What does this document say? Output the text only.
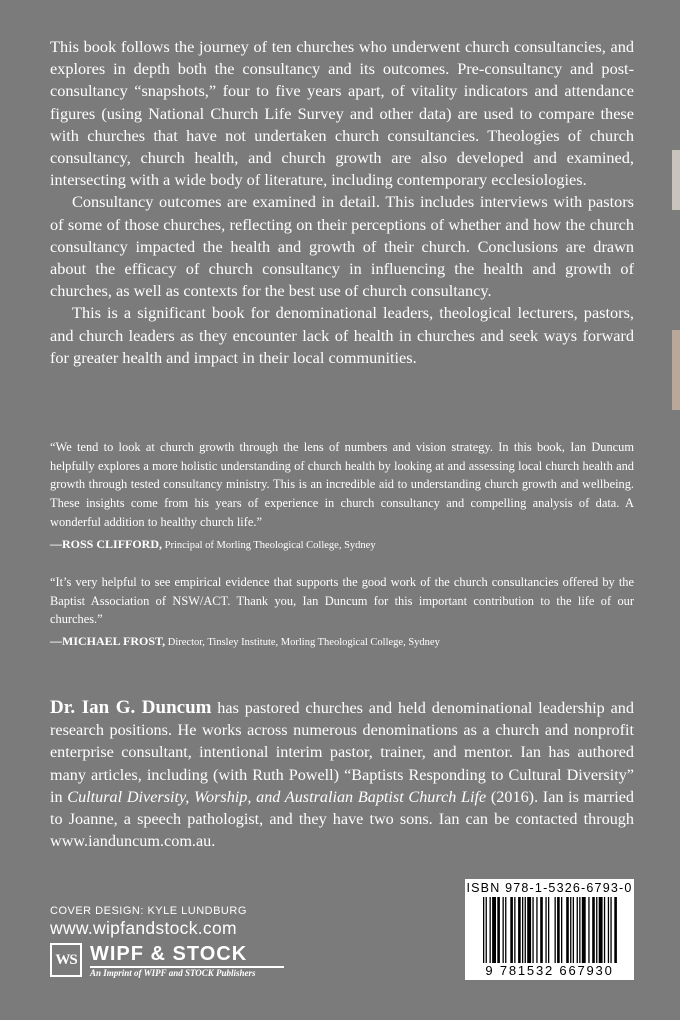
This book follows the journey of ten churches who underwent church consultancies, and explores in depth both the consultancy and its outcomes. Pre-consultancy and post-consultancy “snapshots,” four to five years apart, of vitality indicators and attendance figures (using National Church Life Survey and other data) are used to compare these with churches that have not undertaken church consultancies. Theologies of church consultancy, church health, and church growth are also developed and examined, intersecting with a wide body of literature, including contemporary ecclesiologies.

Consultancy outcomes are examined in detail. This includes interviews with pastors of some of those churches, reflecting on their perceptions of whether and how the church consultancy impacted the health and growth of their church. Conclusions are drawn about the efficacy of church consultancy in influencing the health and growth of churches, as well as contexts for the best use of church consultancy.

This is a significant book for denominational leaders, theological lecturers, pastors, and church leaders as they encounter lack of health in churches and seek ways forward for greater health and impact in their local communities.

“We tend to look at church growth through the lens of numbers and vision strategy. In this book, Ian Duncum helpfully explores a more holistic understanding of church health by looking at and assessing local church health and growth through tested consultancy ministry. This is an incredible aid to understanding church growth and wellbeing. These insights come from his years of experience in church consultancy and compelling analysis of data. A wonderful addition to healthy church life.”

—ROSS CLIFFORD, Principal of Morling Theological College, Sydney

“It’s very helpful to see empirical evidence that supports the good work of the church consultancies offered by the Baptist Association of NSW/ACT. Thank you, Ian Duncum for this important contribution to the life of our churches.”

—MICHAEL FROST, Director, Tinsley Institute, Morling Theological College, Sydney

Dr. Ian G. Duncum has pastored churches and held denominational leadership and research positions. He works across numerous denominations as a church and nonprofit enterprise consultant, intentional interim pastor, trainer, and mentor. Ian has authored many articles, including (with Ruth Powell) “Baptists Responding to Cultural Diversity” in Cultural Diversity, Worship, and Australian Baptist Church Life (2016). Ian is married to Joanne, a speech pathologist, and they have two sons. Ian can be contacted through www.ianduncum.com.au.
COVER DESIGN: KYLE LUNDBURG
www.wipfandstock.com
WS WIPF & STOCK
An Imprint of WIPF and STOCK Publishers
ISBN 978-1-5326-6793-0
9 781532 667930
